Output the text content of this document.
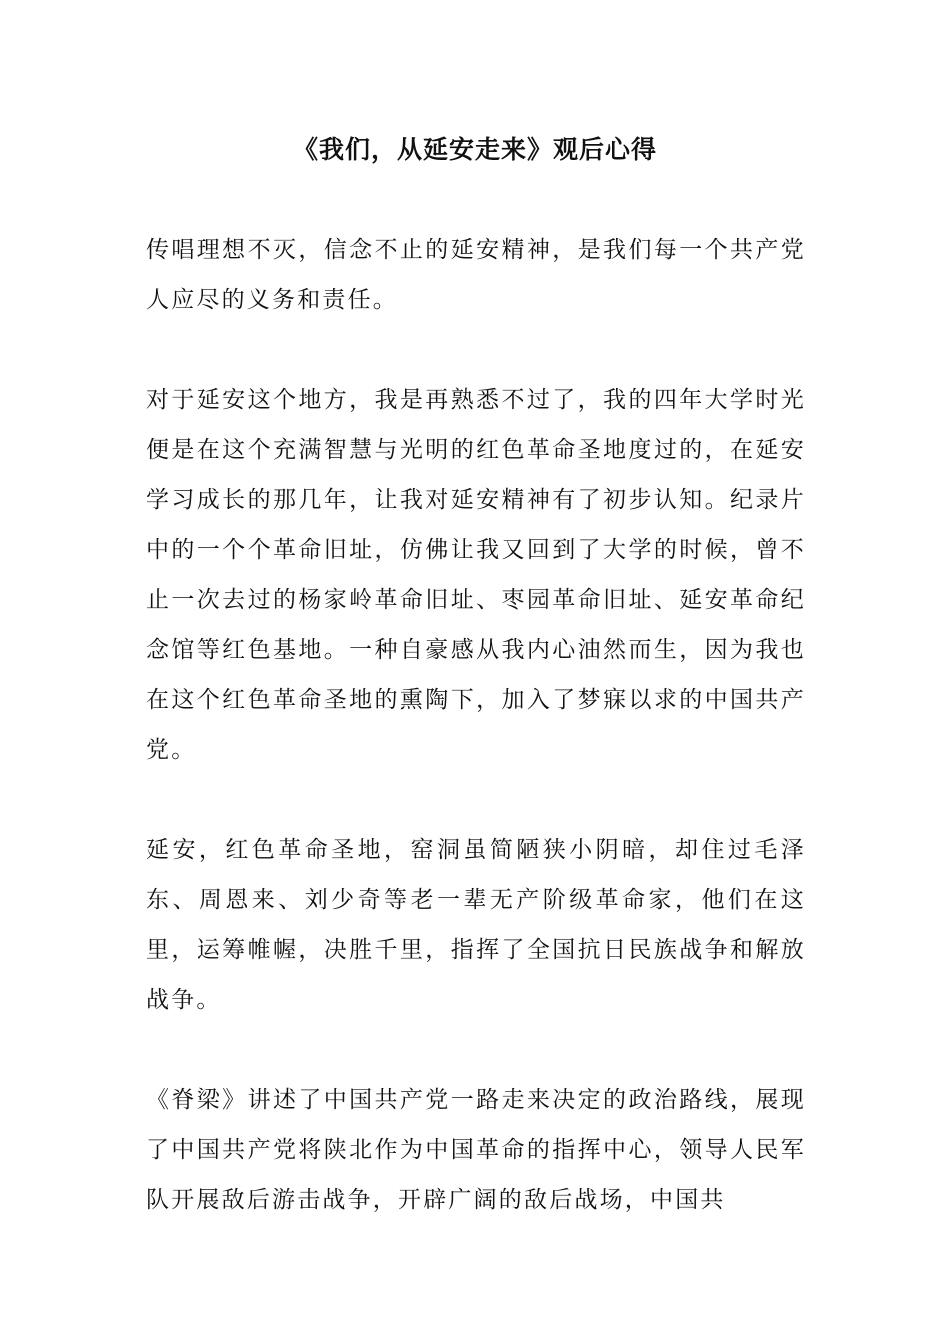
《我们，从延安走来》观后心得

传唱理想不灭，信念不止的延安精神，是我们每一个共产党人应尽的义务和责任。

对于延安这个地方，我是再熟悉不过了，我的四年大学时光便是在这个充满智慧与光明的红色革命圣地度过的，在延安学习成长的那几年，让我对延安精神有了初步认知。纪录片中的一个个革命旧址，仿佛让我又回到了大学的时候，曾不止一次去过的杨家岭革命旧址、枣园革命旧址、延安革命纪念馆等红色基地。一种自豪感从我内心油然而生，因为我也在这个红色革命圣地的熏陶下，加入了梦寐以求的中国共产党。

延安，红色革命圣地，窑洞虽简陋狭小阴暗，却住过毛泽东、周恩来、刘少奇等老一辈无产阶级革命家，他们在这里，运筹帷幄，决胜千里，指挥了全国抗日民族战争和解放战争。

《脊梁》讲述了中国共产党一路走来决定的政治路线，展现了中国共产党将陕北作为中国革命的指挥中心，领导人民军队开展敌后游击战争，开辟广阔的敌后战场，中国共
